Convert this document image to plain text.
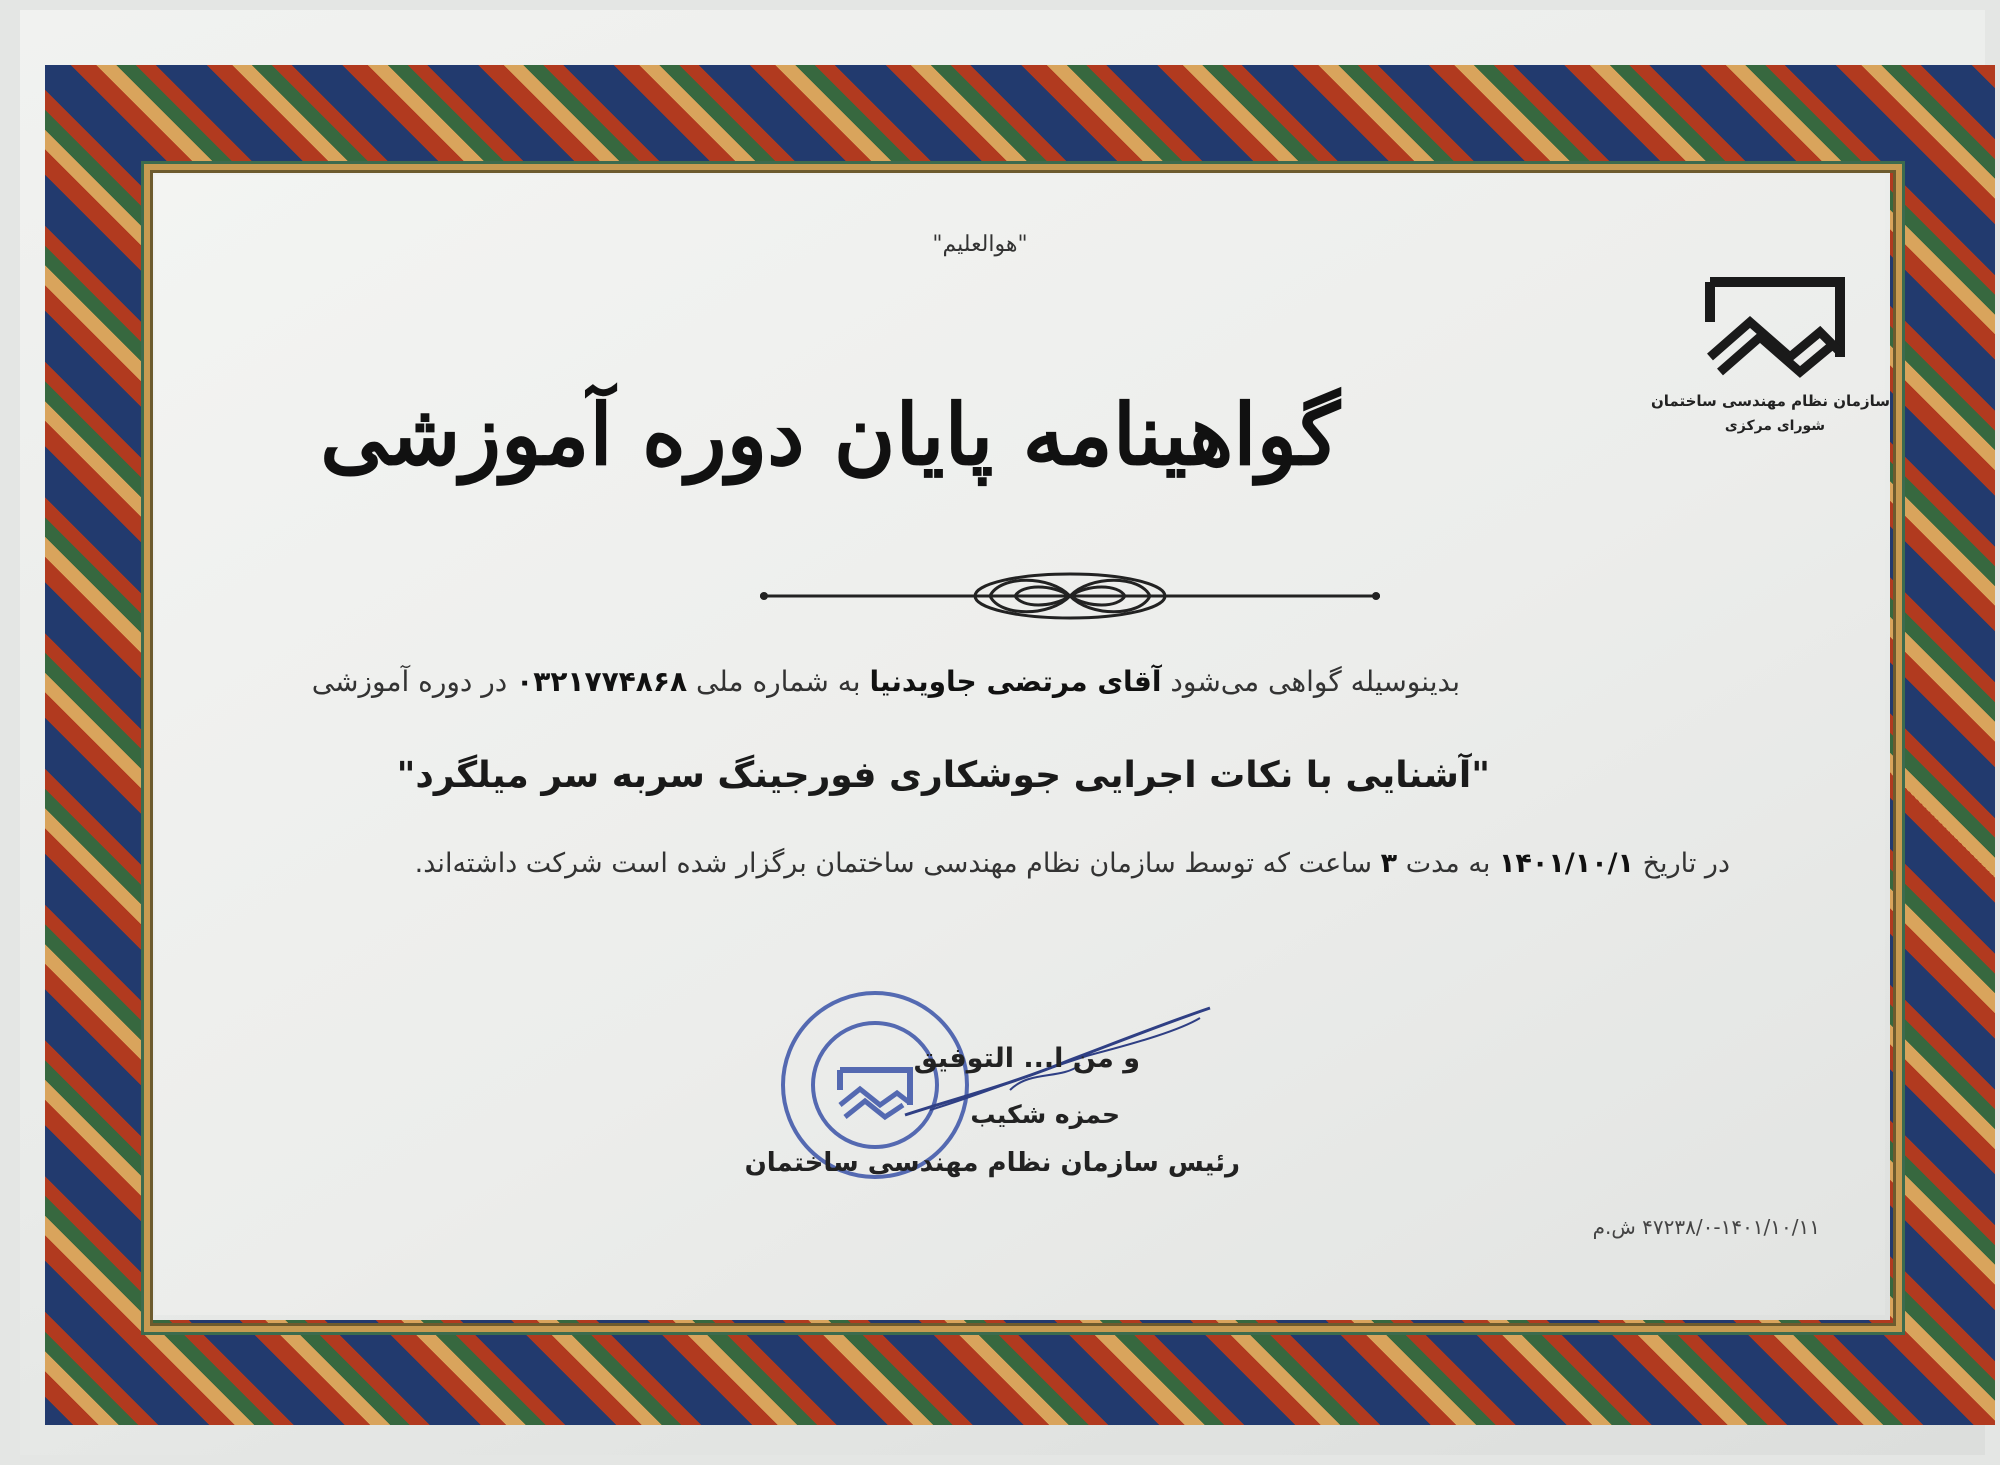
"هوالعلیم"
سازمان نظام مهندسی ساختمان
شورای مرکزی
گواهینامه پایان دوره آموزشی
بدینوسیله گواهی می‌شود آقای مرتضی جاویدنیا به شماره ملی ۰۳۲۱۷۷۴۸۶۸ در دوره آموزشی
"آشنایی با نکات اجرایی جوشکاری فورجینگ سربه سر میلگرد"
در تاریخ ۱۴۰۱/۱۰/۱ به مدت ۳ ساعت که توسط سازمان نظام مهندسی ساختمان برگزار شده است شرکت داشته‌اند.
و من ا... التوفیق
حمزه شکیب
رئیس سازمان نظام مهندسی ساختمان
۴۷۲۳۸/۰-۱۴۰۱/۱۰/۱۱ ش.م
